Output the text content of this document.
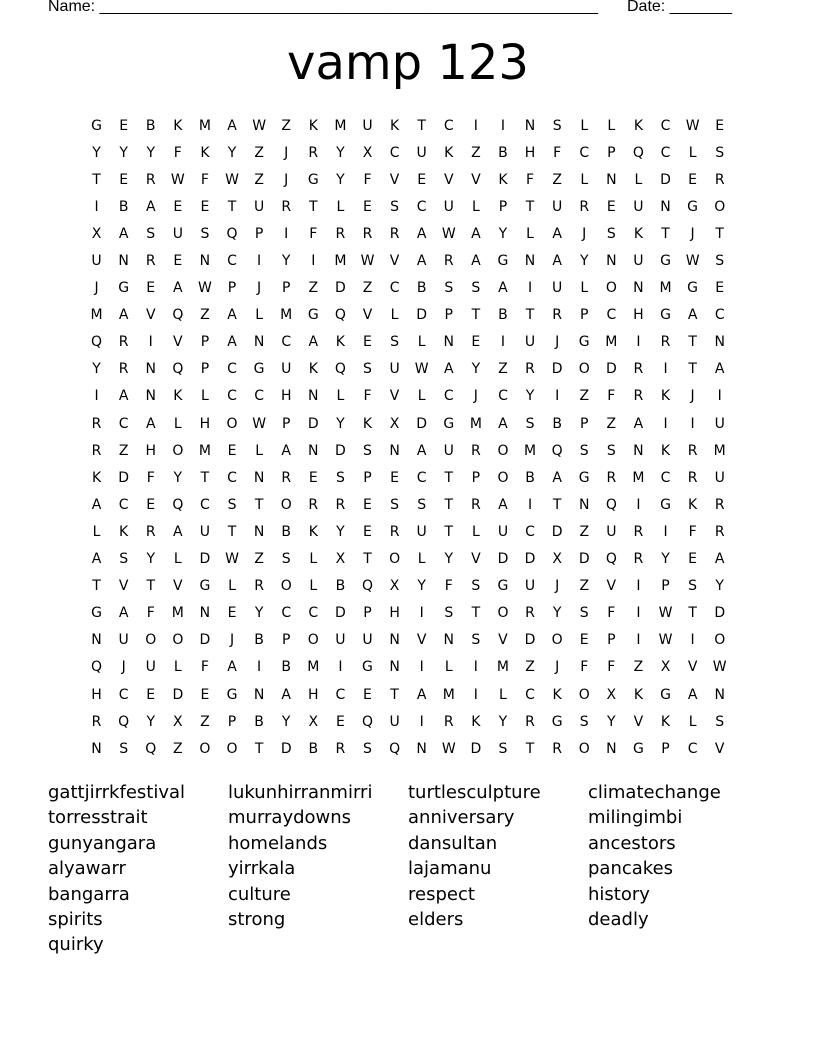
Name: ________________________________________________________ Date: _______
vamp 123
G	E	B	K	M	A	W	Z	K	M	U	K	T	C	I	I	N	S	L	L	K	C	W	E
Y	Y	Y	F	K	Y	Z	J	R	Y	X	C	U	K	Z	B	H	F	C	P	Q	C	L	S
T	E	R	W	F	W	Z	J	G	Y	F	V	E	V	V	K	F	Z	L	N	L	D	E	R
I	B	A	E	E	T	U	R	T	L	E	S	C	U	L	P	T	U	R	E	U	N	G	O
X	A	S	U	S	Q	P	I	F	R	R	R	A	W	A	Y	L	A	J	S	K	T	J	T
U	N	R	E	N	C	I	Y	I	M	W	V	A	R	A	G	N	A	Y	N	U	G	W	S
J	G	E	A	W	P	J	P	Z	D	Z	C	B	S	S	A	I	U	L	O	N	M	G	E
M	A	V	Q	Z	A	L	M	G	Q	V	L	D	P	T	B	T	R	P	C	H	G	A	C
Q	R	I	V	P	A	N	C	A	K	E	S	L	N	E	I	U	J	G	M	I	R	T	N
Y	R	N	Q	P	C	G	U	K	Q	S	U	W	A	Y	Z	R	D	O	D	R	I	T	A
I	A	N	K	L	C	C	H	N	L	F	V	L	C	J	C	Y	I	Z	F	R	K	J	I
R	C	A	L	H	O	W	P	D	Y	K	X	D	G	M	A	S	B	P	Z	A	I	I	U
R	Z	H	O	M	E	L	A	N	D	S	N	A	U	R	O	M	Q	S	S	N	K	R	M
K	D	F	Y	T	C	N	R	E	S	P	E	C	T	P	O	B	A	G	R	M	C	R	U
A	C	E	Q	C	S	T	O	R	R	E	S	S	T	R	A	I	T	N	Q	I	G	K	R
L	K	R	A	U	T	N	B	K	Y	E	R	U	T	L	U	C	D	Z	U	R	I	F	R
A	S	Y	L	D	W	Z	S	L	X	T	O	L	Y	V	D	D	X	D	Q	R	Y	E	A
T	V	T	V	G	L	R	O	L	B	Q	X	Y	F	S	G	U	J	Z	V	I	P	S	Y
G	A	F	M	N	E	Y	C	C	D	P	H	I	S	T	O	R	Y	S	F	I	W	T	D
N	U	O	O	D	J	B	P	O	U	U	N	V	N	S	V	D	O	E	P	I	W	I	O
Q	J	U	L	F	A	I	B	M	I	G	N	I	L	I	M	Z	J	F	F	Z	X	V	W
H	C	E	D	E	G	N	A	H	C	E	T	A	M	I	L	C	K	O	X	K	G	A	N
R	Q	Y	X	Z	P	B	Y	X	E	Q	U	I	R	K	Y	R	G	S	Y	V	K	L	S
N	S	Q	Z	O	O	T	D	B	R	S	Q	N	W	D	S	T	R	O	N	G	P	C	V
gattjirrkfestival	lukunhirranmirri	turtlesculpture	climatechange
torresstrait	murraydowns	anniversary	milingimbi
gunyangara	homelands	dansultan	ancestors
alyawarr	yirrkala	lajamanu	pancakes
bangarra	culture	respect	history
spirits	strong	elders	deadly
quirky
